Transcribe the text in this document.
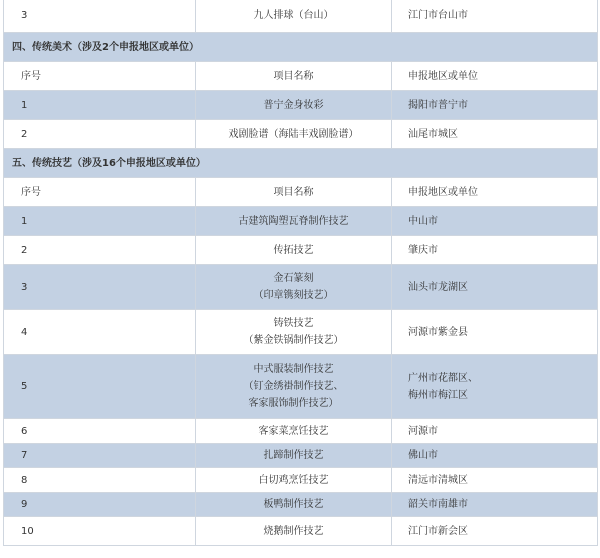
3	九人排球（台山）	江门市台山市

四、传统美术（涉及2个申报地区或单位）		
序号	项目名称	申报地区或单位

1	普宁金身妆彩	揭阳市普宁市

2	戏剧脸谱（海陆丰戏剧脸谱）	汕尾市城区

五、传统技艺（涉及16个申报地区或单位）		
序号	项目名称	申报地区或单位

1	古建筑陶塑瓦脊制作技艺	中山市

2	传拓技艺	肇庆市

3	金石篆刻
（印章镌刻技艺）	汕头市龙湖区

4	铸铁技艺
（紫金铁锅制作技艺）	河源市紫金县

5	中式服装制作技艺
（钉金绣褂制作技艺、
客家服饰制作技艺）	广州市花都区、
梅州市梅江区

6	客家菜烹饪技艺	河源市

7	扎蹄制作技艺	佛山市

8	白切鸡烹饪技艺	清远市清城区

9	板鸭制作技艺	韶关市南雄市

10	烧鹅制作技艺	江门市新会区
